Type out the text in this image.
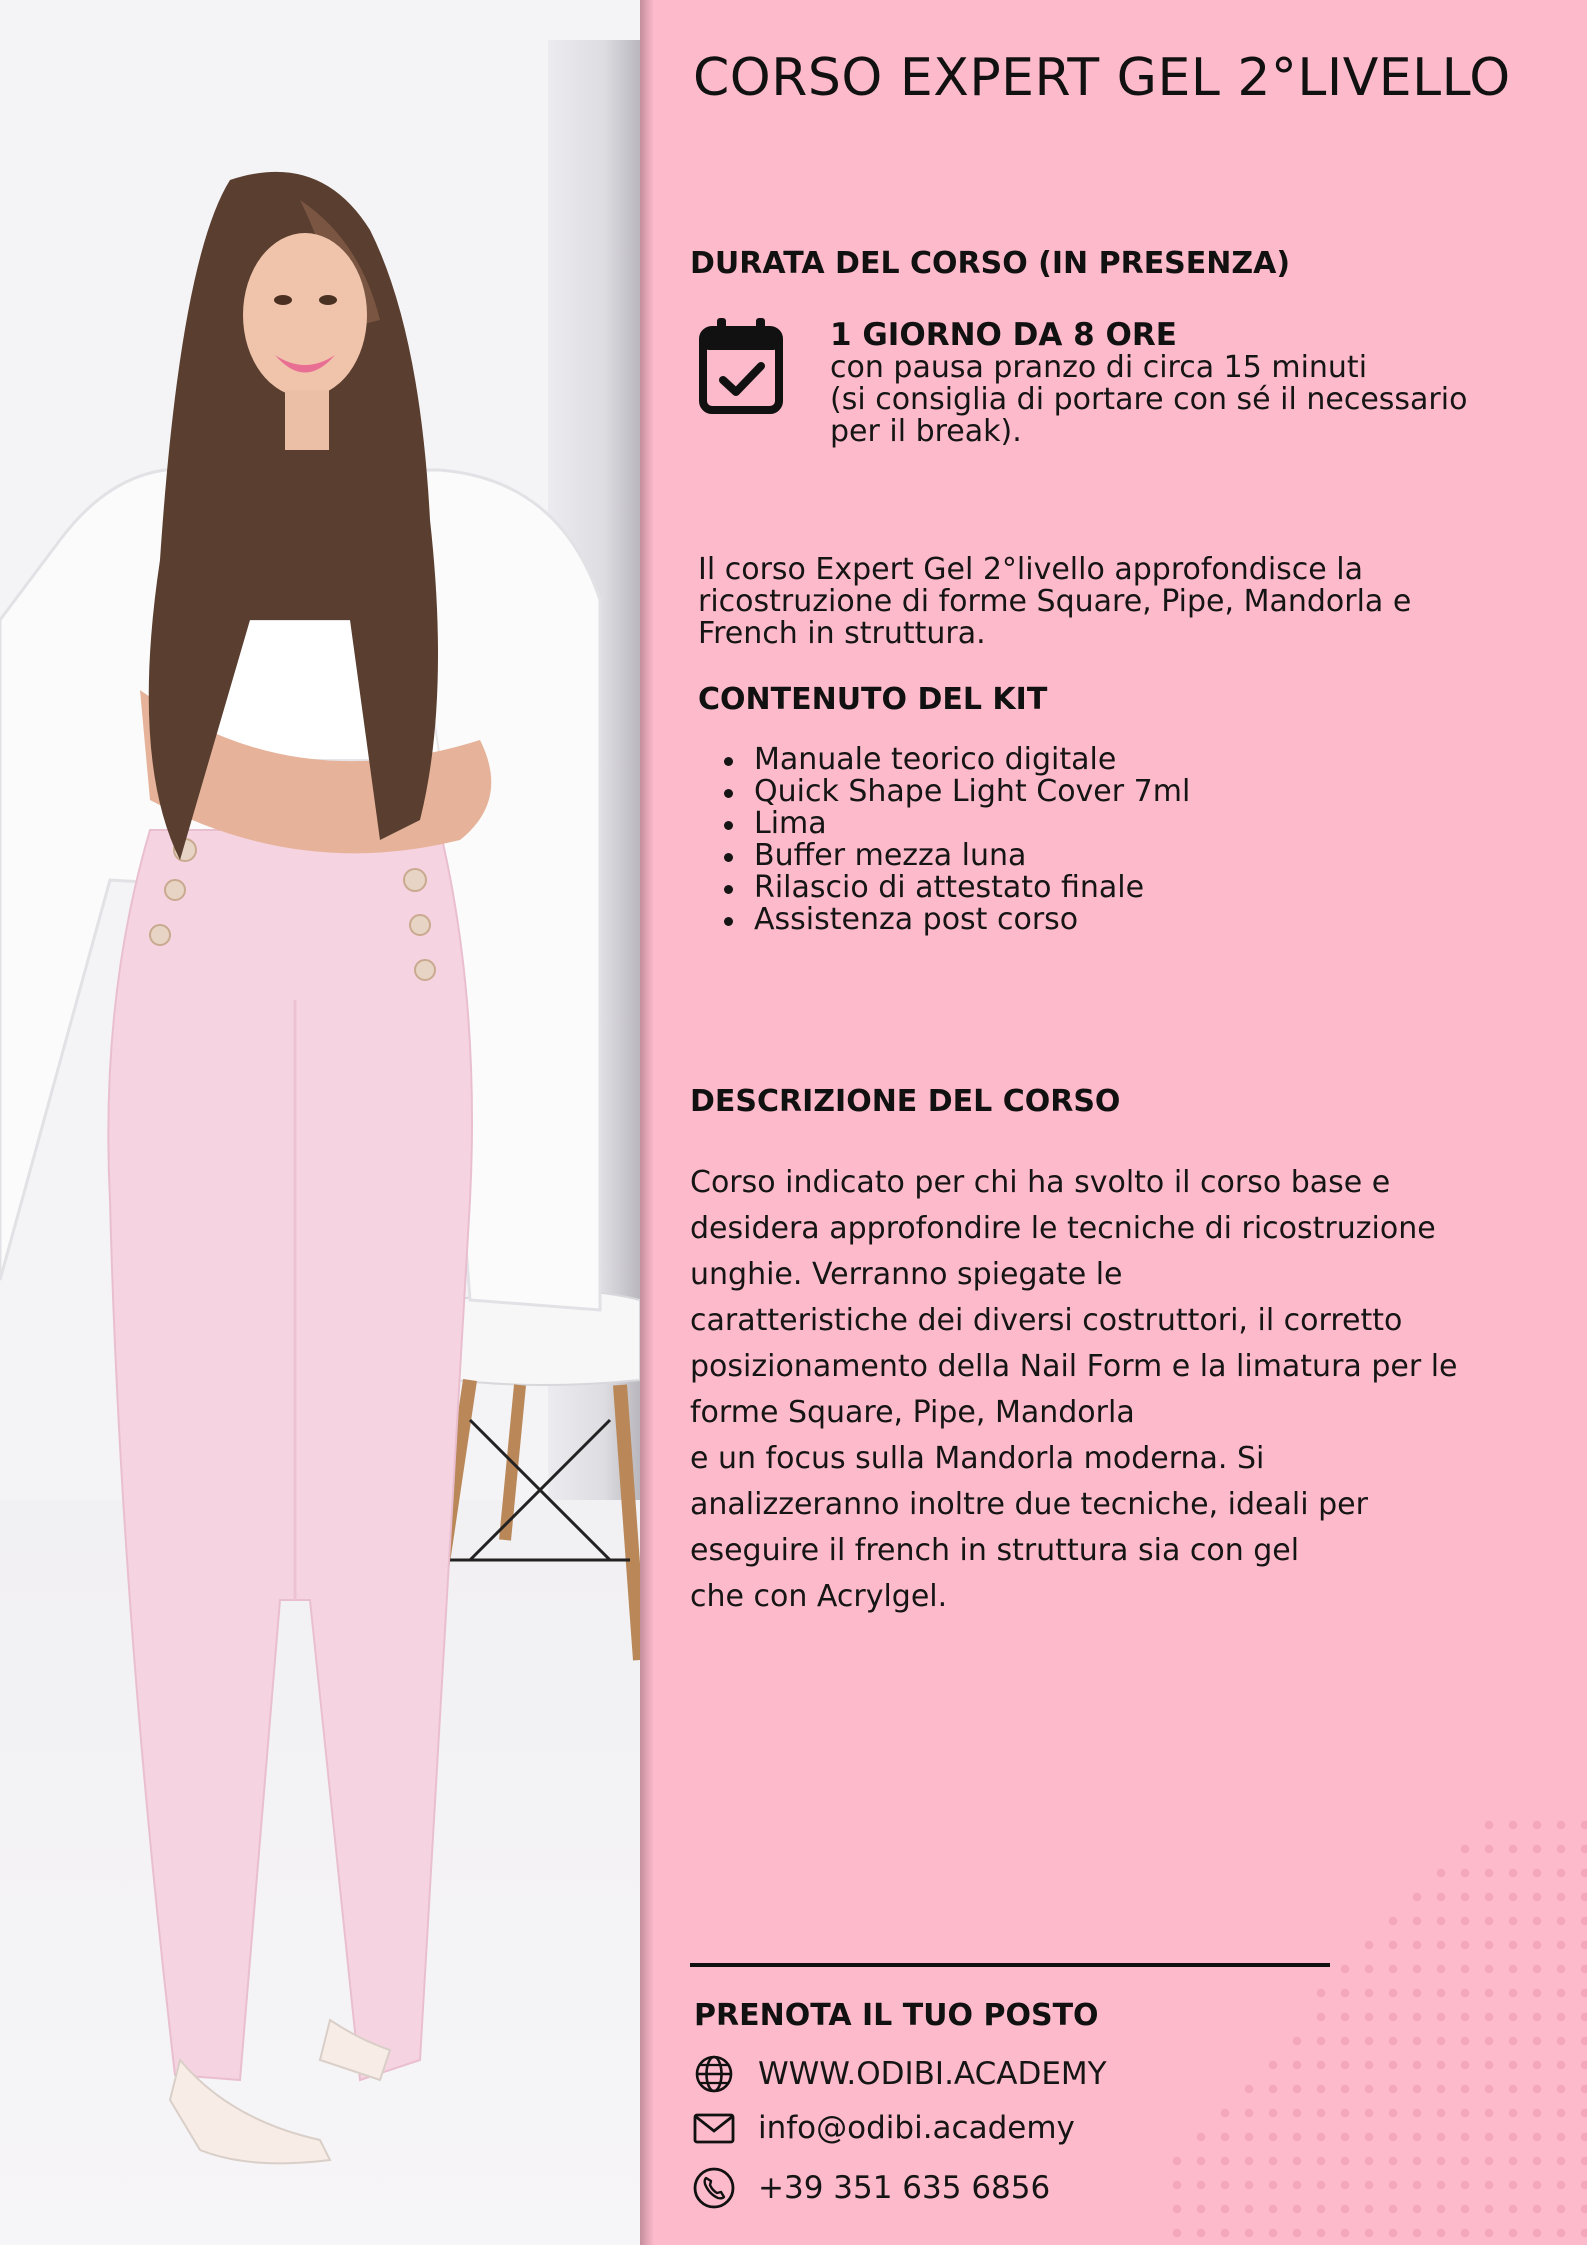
CORSO EXPERT GEL 2°LIVELLO
DURATA DEL CORSO (IN PRESENZA)
1 GIORNO DA 8 ORE
con pausa pranzo di circa 15 minuti
(si consiglia di portare con sé il necessario
per il break).
Il corso Expert Gel 2°livello approfondisce la
ricostruzione di forme Square, Pipe, Mandorla e
French in struttura.
CONTENUTO DEL KIT
Manuale teorico digitale
Quick Shape Light Cover 7ml
Lima
Buffer mezza luna
Rilascio di attestato finale
Assistenza post corso
DESCRIZIONE DEL CORSO
Corso indicato per chi ha svolto il corso base e
desidera approfondire le tecniche di ricostruzione
unghie. Verranno spiegate le
caratteristiche dei diversi costruttori, il corretto
posizionamento della Nail Form e la limatura per le
forme Square, Pipe, Mandorla
e un focus sulla Mandorla moderna. Si
analizzeranno inoltre due tecniche, ideali per
eseguire il french in struttura sia con gel
che con Acrylgel.
PRENOTA IL TUO POSTO
WWW.ODIBI.ACADEMY
info@odibi.academy
+39 351 635 6856
